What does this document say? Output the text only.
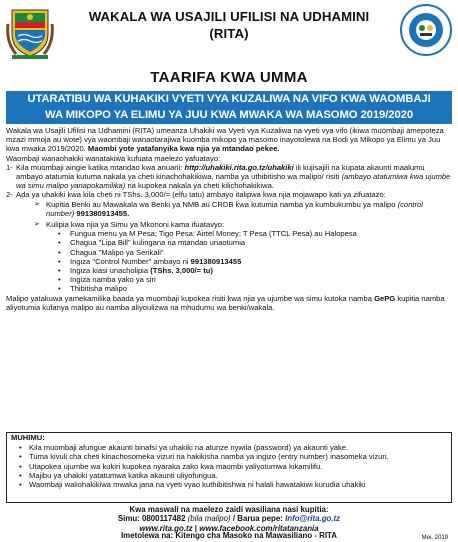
WAKALA WA USAJILI UFILISI NA UDHAMINI
(RITA)
TAARIFA KWA UMMA
UTARATIBU WA KUHAKIKI VYETI VYA KUZALIWA NA VIFO KWA WAOMBAJI
WA MIKOPO YA ELIMU YA JUU KWA MWAKA WA MASOMO 2019/2020

Wakala wa Usajili Ufilisi na Udhamini (RITA) umeanza Uhakiki wa Vyeti vya Kuzaliwa na vyeti vya vifo (ikiwa muombaji amepoteza mzazi mmoja au wote) vya waombaji wanaotarajiwa kuomba mikopo ya masomo inayotolewa na Bodi ya Mikopo ya Elimu ya Juu kwa mwaka 2019/2020. Maombi yote yatafanyika kwa njia ya mtandao pekee.

Waombaji wanaohakiki wanatakiwa kufuata maelezo yafuatayo:

1- Kila muombaji aingie katika mtandao kwa anuani: http://uhakiki.rita.go.tz/uhakiki ili kujisajili na kupata akaunti maalumu ambayo atatumia kutuma nakala ya cheti kinachohakikiwa, namba ya uthibitisho wa malipo/ risiti (ambayo atatumiwa kwa ujumbe wa simu malipo yanapokamilika) na kupokea nakala ya cheti kilichohakikiwa.

2- Ada ya uhakiki kwa kila cheti ni TShs. 3,000/= (elfu tatu) ambayo italipwa kwa njia mojawapo kati ya zifuatazo:

➢ Kupitia Benki au Mawakala wa Benki ya NMB au CRDB kwa kutumia namba ya kumbukumbu ya malipo (control number) 991380913455.

➢ Kulipia kwa njia ya Simu ya Mkononi kama ifuatavyo:

• Fungua menu ya M Pesa; Tigo Pesa; Airtel Money; T Pesa (TTCL Pesa) au Halopesa

• Chagua "Lipa Bill" kulingana na mtandao unaotumia

• Chagua "Malipo ya Serikali"

• Ingiza "Control Number" ambayo ni 991380913455

• Ingiza kiasi unacholipia (TShs. 3,000/= tu)

• Ingiza namba yako ya siri

• Thibitisha malipo

Malipo yatakuwa yamekamilika baada ya muombaji kupokea risiti kwa njia ya ujumbe wa simu kutoka namba GePG kupitia namba aliyotumia kufanya malipo au namba aliyoulizwa na mhudumu wa benki/wakala.

MUHIMU:
• Kila muombaji afungue akaunti binafsi ya uhakiki na atunze nywila (password) ya akaunti yake.
• Tuma kivuli cha cheti kinachosomeka vizuri na hakikisha namba ya ingizo (entry number) inasomeka vizuri.
• Utapokea ujumbe wa kukiri kupokea nyaraka zako kwa maombi yaliyotumwa kikamilifu.
• Majibu ya uhakiki yatatumwa katika akaunti uliyofungua.
• Waombaji waliohakikiwa mwaka jana na vyeti vyao kuthibitishwa ni halali hawatakiwi kurudia uhakiki
Kwa maswali na maelezo zaidi wasiliana nasi kupitia:
Simu: 0800117482 (bila malipo) / Barua pepe: Info@rita.go.tz
www.rita.go.tz | www.facebook.com/ritatanzania
Imetolewa na: Kitengo cha Masoko na Mawasiliano - RITA	Mei, 2019
